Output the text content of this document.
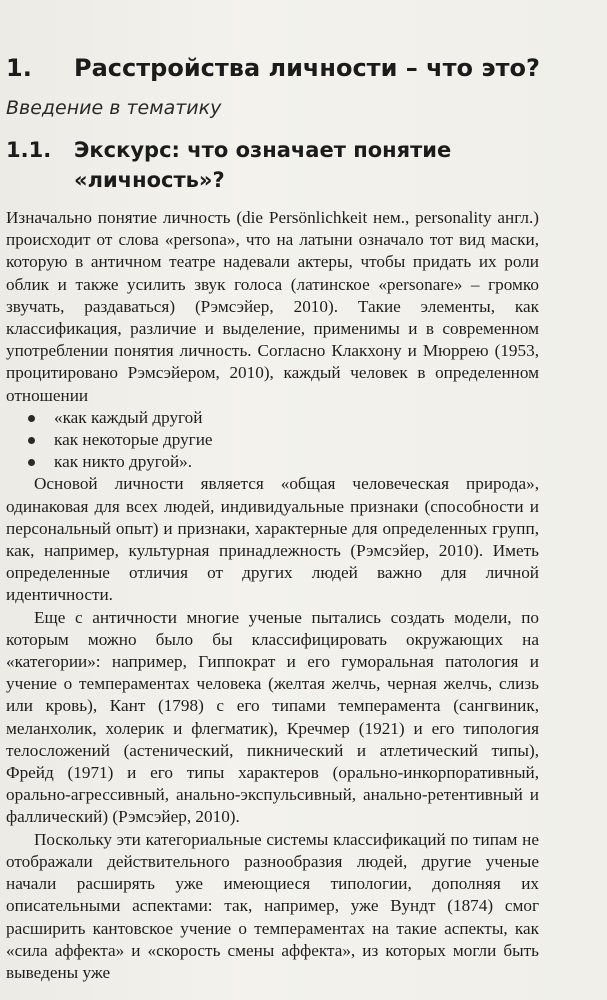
1.	Расстройства личности – что это?
Введение в тематику
1.1.	Экскурс: что означает понятие «личность»?

Изначально понятие личность (die Persönlichkeit нем., personality англ.) происходит от слова «persona», что на латыни означало тот вид маски, которую в античном театре надевали актеры, чтобы придать их роли облик и также усилить звук голоса (латинское «personare» – громко звучать, раздаваться) (Рэмсэйер, 2010). Такие элементы, как классификация, различие и выделение, применимы и в современном употреблении понятия личность. Согласно Клакхону и Мюррею (1953, процитировано Рэмсэйером, 2010), каждый человек в определенном отношении

«как каждый другой
как некоторые другие
как никто другой».

Основой личности является «общая человеческая природа», одинаковая для всех людей, индивидуальные признаки (способности и персональный опыт) и признаки, характерные для определенных групп, как, например, культурная принадлежность (Рэмсэйер, 2010). Иметь определенные отличия от других людей важно для личной идентичности.

Еще с античности многие ученые пытались создать модели, по которым можно было бы классифицировать окружающих на «категории»: например, Гиппократ и его гуморальная патология и учение о темпераментах человека (желтая желчь, черная желчь, слизь или кровь), Кант (1798) с его типами темперамента (сангвиник, меланхолик, холерик и флегматик), Кречмер (1921) и его типология телосложений (астенический, пикнический и атлетический типы), Фрейд (1971) и его типы характеров (орально-инкорпоративный, орально-агрессивный, анально-экспульсивный, анально-ретентивный и фаллический) (Рэмсэйер, 2010).

Поскольку эти категориальные системы классификаций по типам не отображали действительного разнообразия людей, другие ученые начали расширять уже имеющиеся типологии, дополняя их описательными аспектами: так, например, уже Вундт (1874) смог расширить кантовское учение о темпераментах на такие аспекты, как «сила аффекта» и «скорость смены аффекта», из которых могли быть выведены уже
